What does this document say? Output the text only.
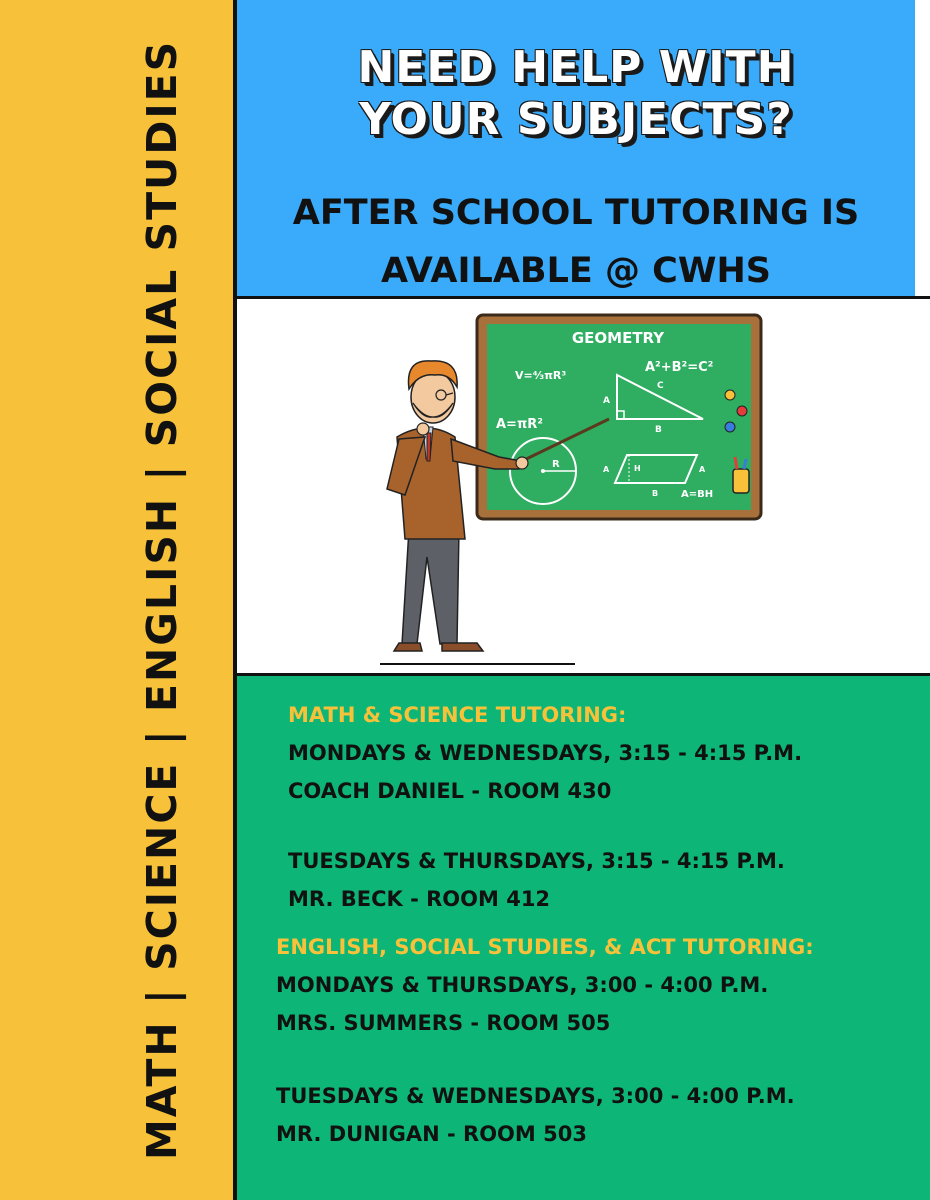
MATH | SCIENCE | ENGLISH | SOCIAL STUDIES	NEED HELP WITH
YOUR SUBJECTS?
AFTER SCHOOL TUTORING IS
AVAILABLE @ CWHS
GEOMETRY
V=⁴⁄₃πR³
A²+B²=C²
A=πR²
A=BH
A
C
B
R	H
A	A
B
MATH & SCIENCE TUTORING:
MONDAYS & WEDNESDAYS, 3:15 - 4:15 P.M.
COACH DANIEL - ROOM 430
TUESDAYS & THURSDAYS, 3:15 - 4:15 P.M.
MR. BECK - ROOM 412
ENGLISH, SOCIAL STUDIES, & ACT TUTORING:
MONDAYS & THURSDAYS, 3:00 - 4:00 P.M.
MRS. SUMMERS - ROOM 505
TUESDAYS & WEDNESDAYS, 3:00 - 4:00 P.M.
MR. DUNIGAN - ROOM 503
